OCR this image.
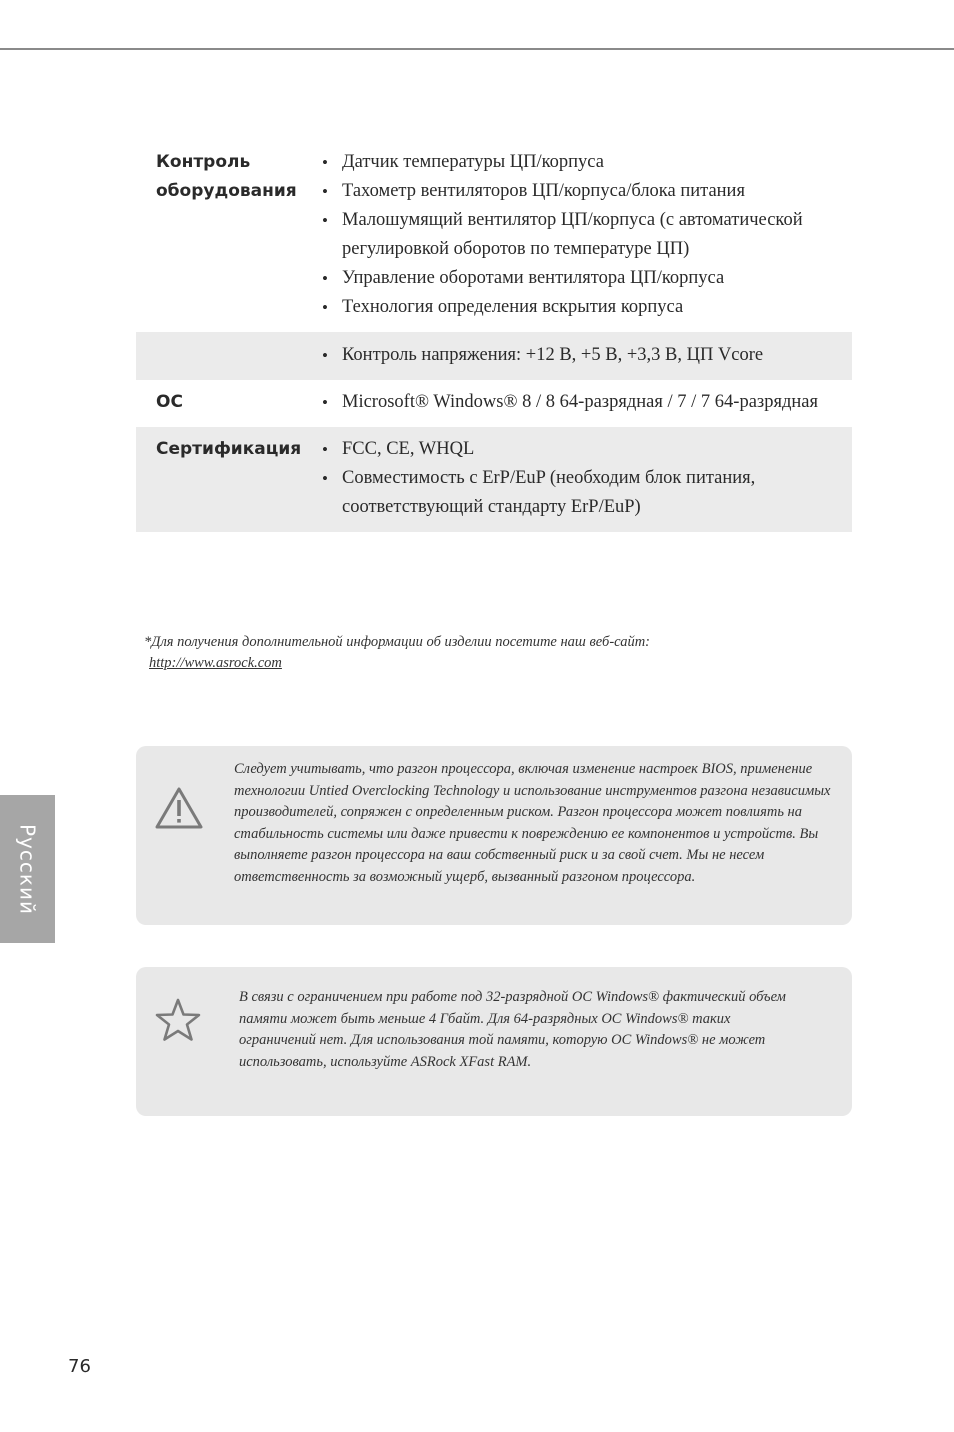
Контроль оборудования
• Датчик температуры ЦП/корпуса
• Тахометр вентиляторов ЦП/корпуса/блока питания
• Малошумящий вентилятор ЦП/корпуса (с автоматической регулировкой оборотов по температуре ЦП)
• Управление оборотами вентилятора ЦП/корпуса
• Технология определения вскрытия корпуса
• Контроль напряжения: +12 В, +5 В, +3,3 В, ЦП Vcore
ОС	• Microsoft® Windows® 8 / 8 64-разрядная / 7 / 7 64-разрядная
Сертификация	• FCC, CE, WHQL
• Совместимость с ErP/EuP (необходим блок питания, соответствующий стандарту ErP/EuP)
*Для получения дополнительной информации об изделии посетите наш веб-сайт:
http://www.asrock.com
Следует учитывать, что разгон процессора, включая изменение настроек BIOS, применение технологии Untied Overclocking Technology и использование инструментов разгона независимых производителей, сопряжен с определенным риском. Разгон процессора может повлиять на стабильность системы или даже привести к повреждению ее компонентов и устройств. Вы выполняете разгон процессора на ваш собственный риск и за свой счет. Мы не несем ответственность за возможный ущерб, вызванный разгоном процессора.
В связи с ограничением при работе под 32-разрядной ОС Windows® фактический объем памяти может быть меньше 4 Гбайт. Для 64-разрядных ОС Windows® таких ограничений нет. Для использования той памяти, которую ОС Windows® не может использовать, используйте ASRock XFast RAM.
Русский
76
